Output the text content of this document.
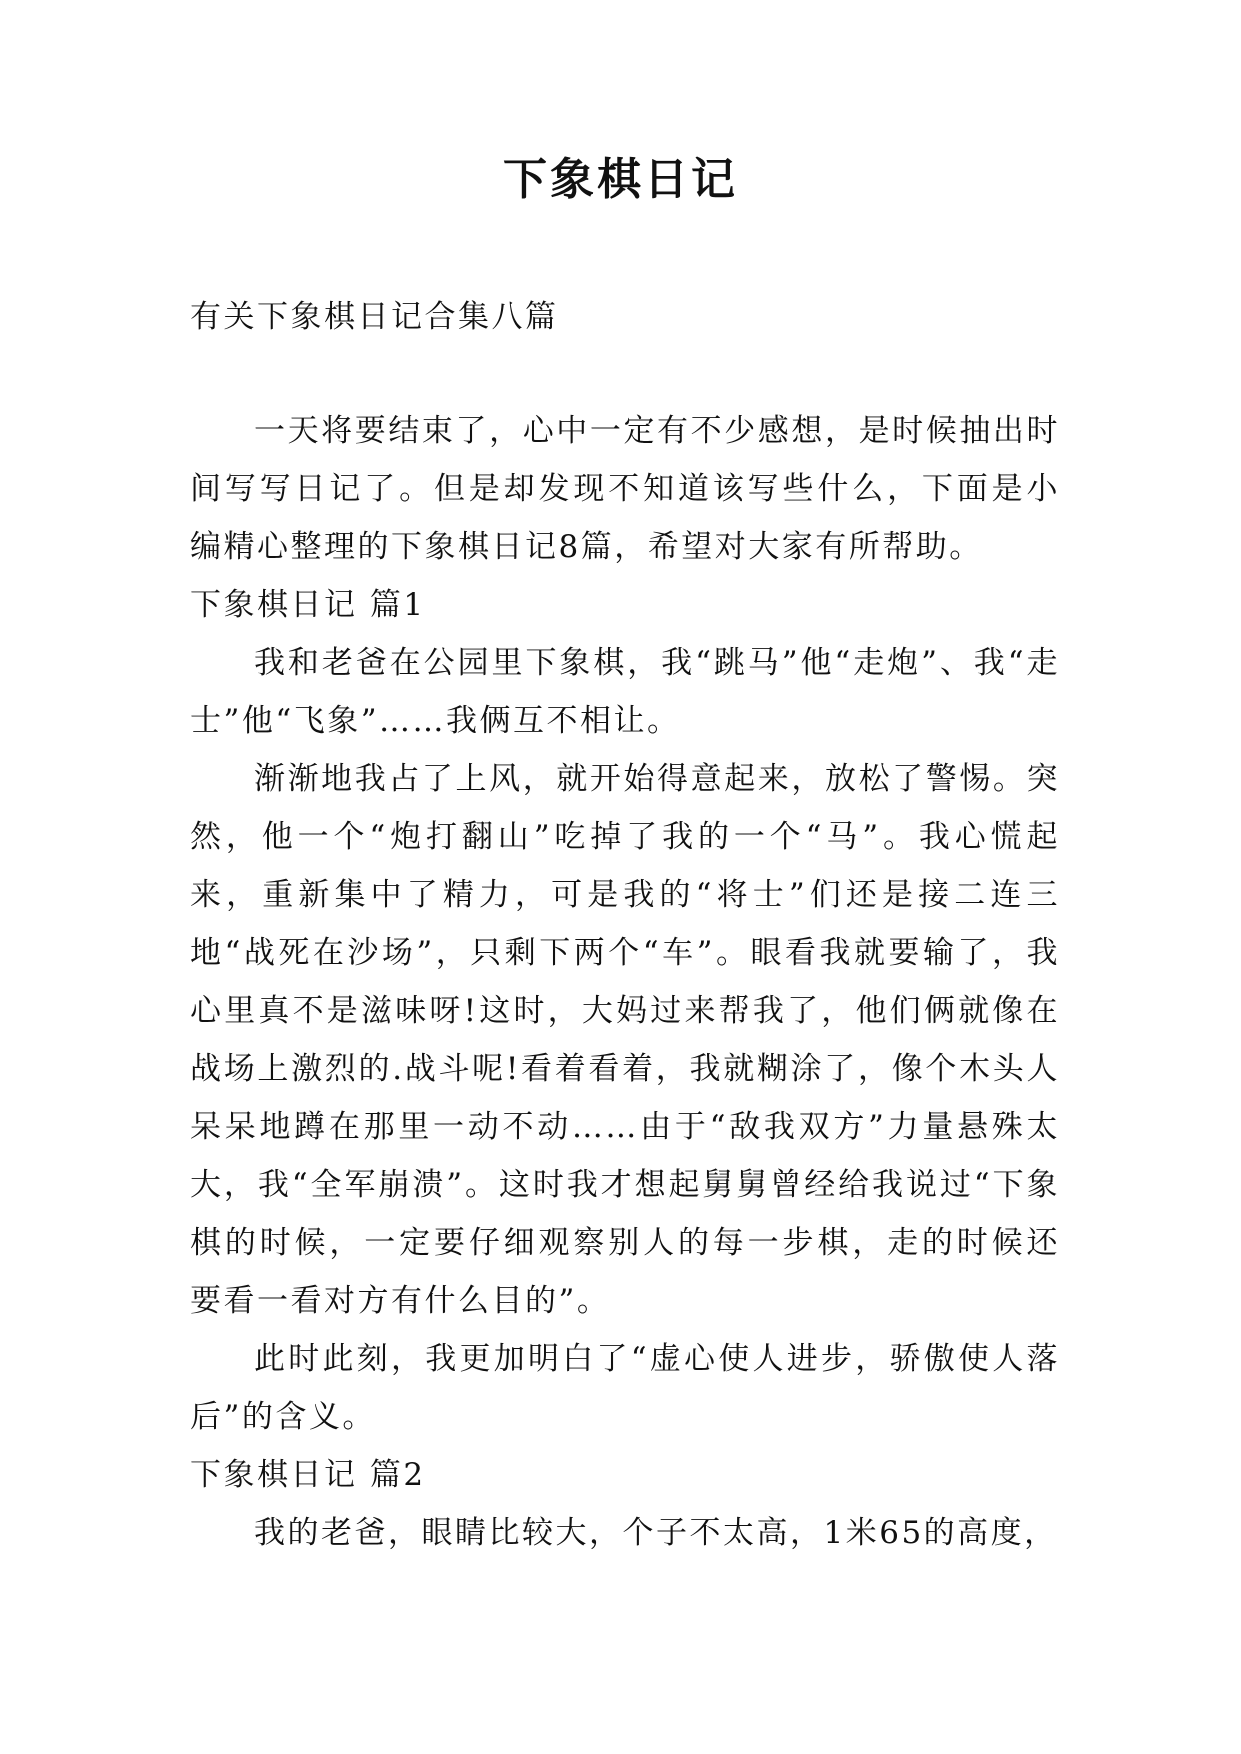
下象棋日记

有关下象棋日记合集八篇

一天将要结束了，心中一定有不少感想，是时候抽出时间写写日记了。但是却发现不知道该写些什么，下面是小编精心整理的下象棋日记8篇，希望对大家有所帮助。

下象棋日记 篇1

我和老爸在公园里下象棋，我“跳马”他“走炮”、我“走士”他“飞象”……我俩互不相让。

渐渐地我占了上风，就开始得意起来，放松了警惕。突然，他一个“炮打翻山”吃掉了我的一个“马”。我心慌起来，重新集中了精力，可是我的“将士”们还是接二连三地“战死在沙场”，只剩下两个“车”。眼看我就要输了，我心里真不是滋味呀!这时，大妈过来帮我了，他们俩就像在战场上激烈的.战斗呢!看着看着，我就糊涂了，像个木头人呆呆地蹲在那里一动不动……由于“敌我双方”力量悬殊太大，我“全军崩溃”。这时我才想起舅舅曾经给我说过“下象棋的时候，一定要仔细观察别人的每一步棋，走的时候还要看一看对方有什么目的”。

此时此刻，我更加明白了“虚心使人进步，骄傲使人落后”的含义。

下象棋日记 篇2

我的老爸，眼睛比较大，个子不太高，1米65的高度，
